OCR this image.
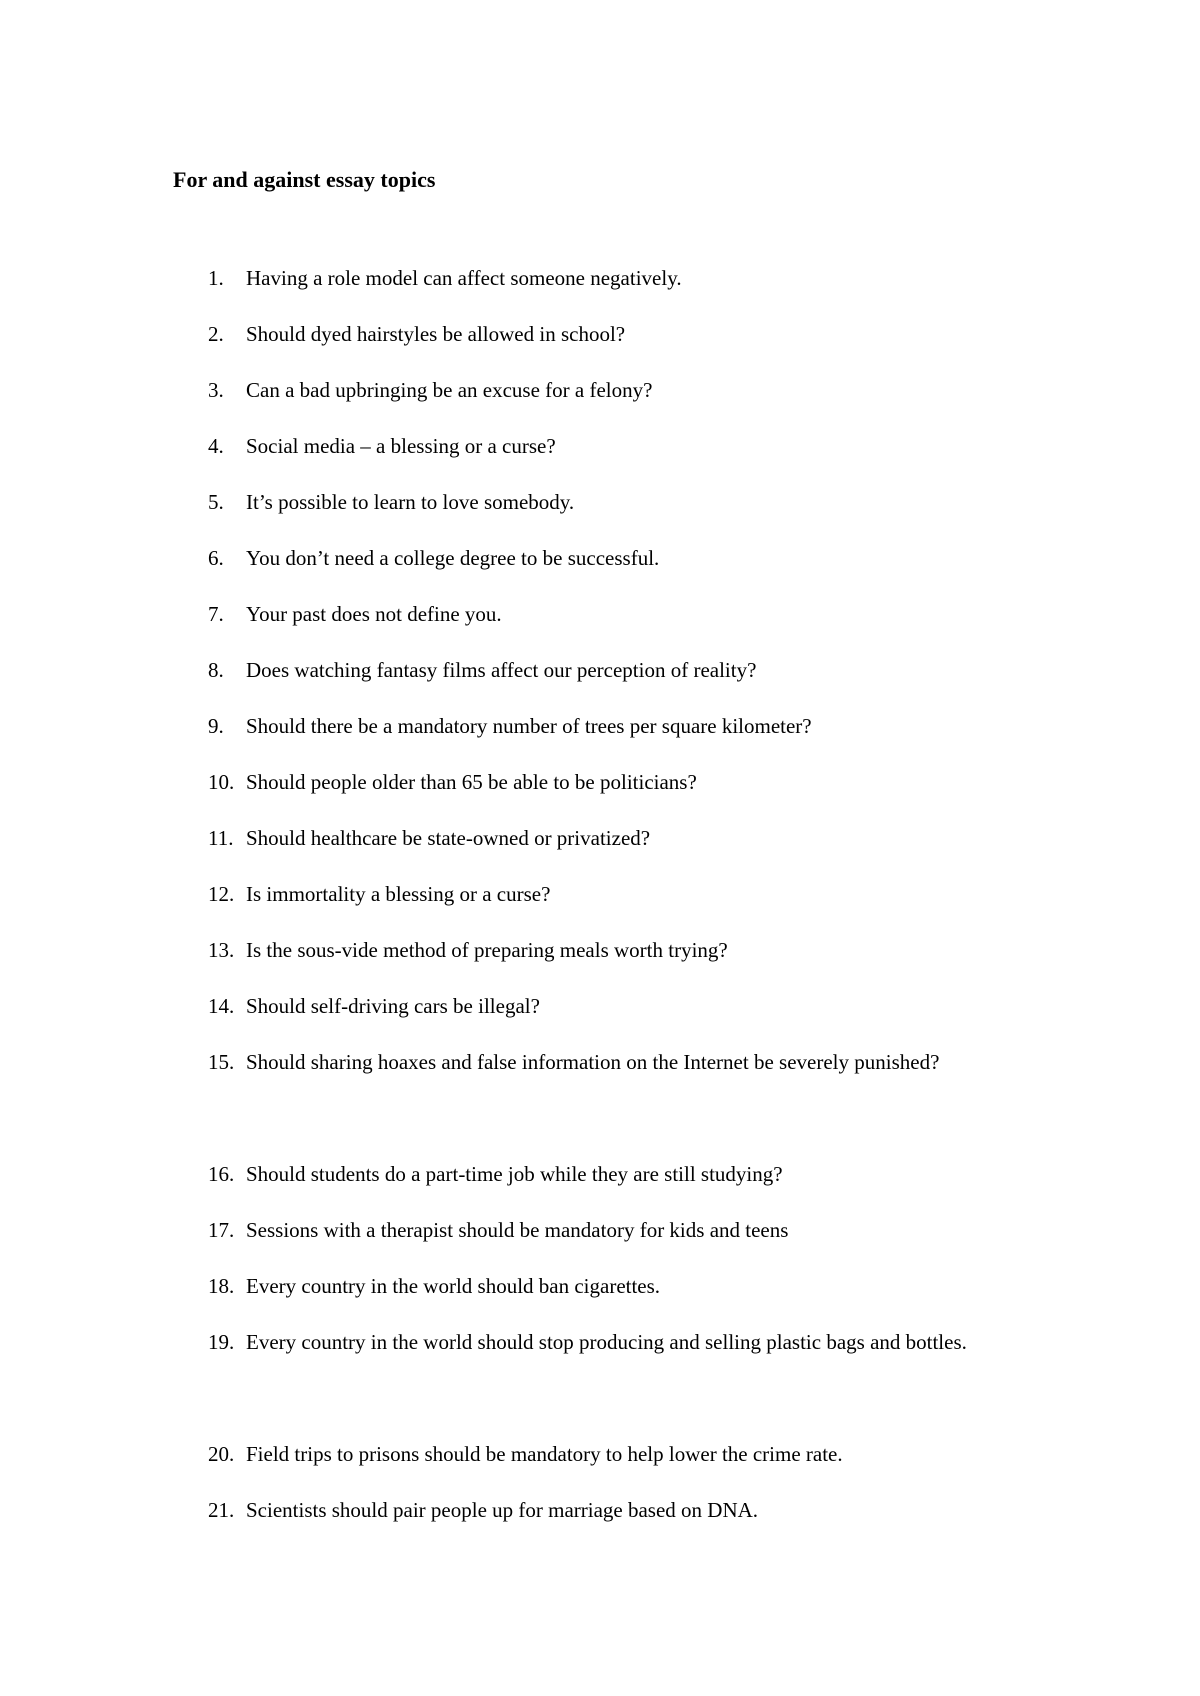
For and against essay topics
1. Having a role model can affect someone negatively.
2. Should dyed hairstyles be allowed in school?
3. Can a bad upbringing be an excuse for a felony?
4. Social media – a blessing or a curse?
5. It’s possible to learn to love somebody.
6. You don’t need a college degree to be successful.
7. Your past does not define you.
8. Does watching fantasy films affect our perception of reality?
9. Should there be a mandatory number of trees per square kilometer?
10. Should people older than 65 be able to be politicians?
11. Should healthcare be state-owned or privatized?
12. Is immortality a blessing or a curse?
13. Is the sous-vide method of preparing meals worth trying?
14. Should self-driving cars be illegal?
15. Should sharing hoaxes and false information on the Internet be severely punished?
16. Should students do a part-time job while they are still studying?
17. Sessions with a therapist should be mandatory for kids and teens
18. Every country in the world should ban cigarettes.
19. Every country in the world should stop producing and selling plastic bags and bottles.
20. Field trips to prisons should be mandatory to help lower the crime rate.
21. Scientists should pair people up for marriage based on DNA.
